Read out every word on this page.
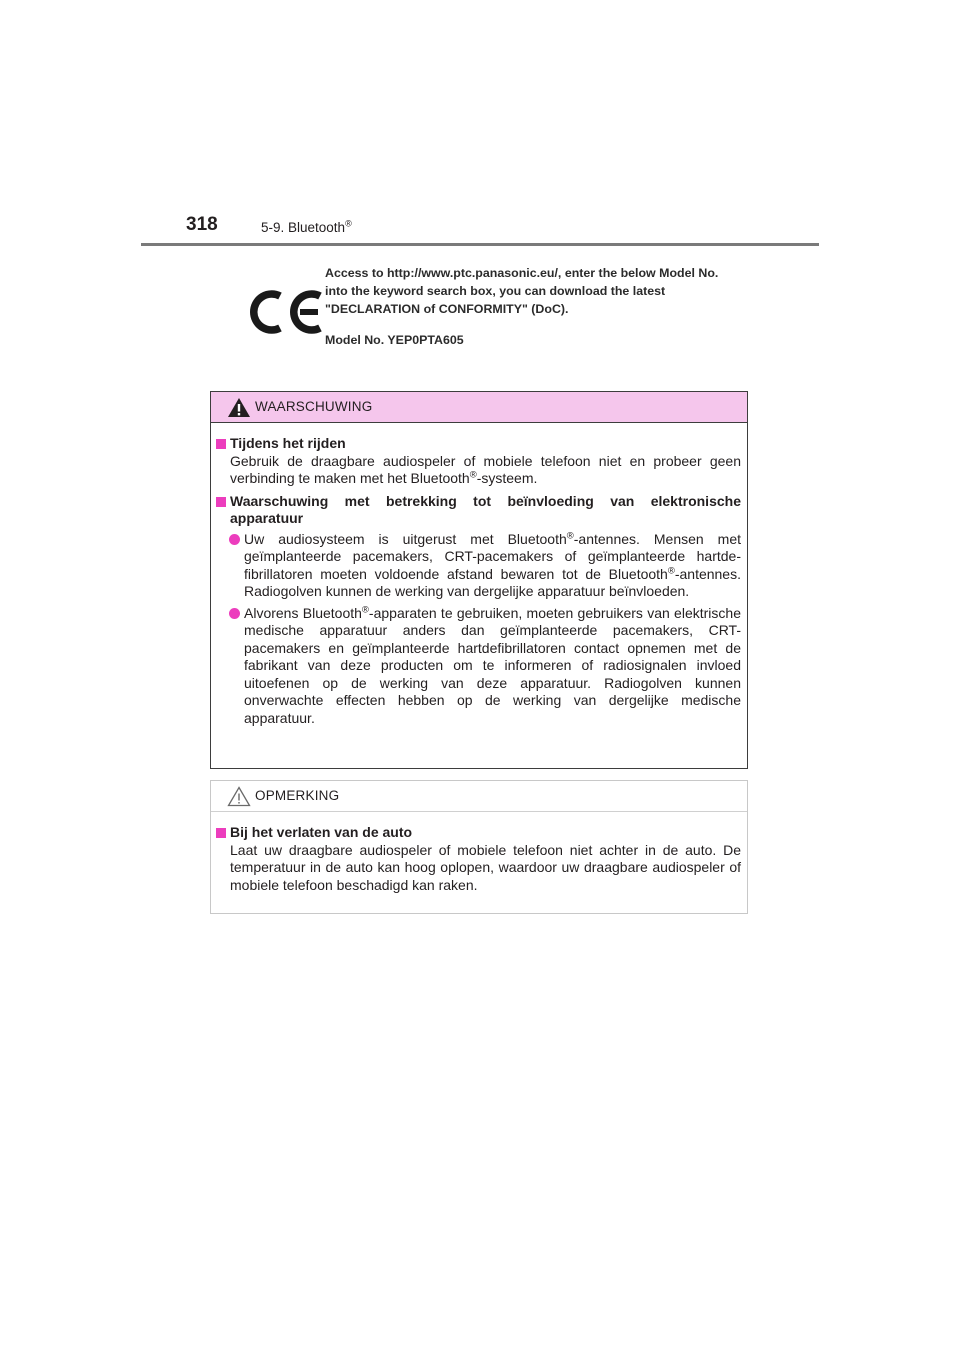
318	5-9. Bluetooth®
Access to http://www.ptc.panasonic.eu/, enter the below Model No. into the keyword search box, you can download the latest "DECLARATION of CONFORMITY" (DoC).
Model No. YEP0PTA605
WAARSCHUWING
Tijdens het rijden
Gebruik de draagbare audiospeler of mobiele telefoon niet en probeer geen verbinding te maken met het Bluetooth®-systeem.
Waarschuwing met betrekking tot beïnvloeding van elektronische apparatuur
Uw audiosysteem is uitgerust met Bluetooth®-antennes. Mensen met geïmplanteerde pacemakers, CRT-pacemakers of geïmplanteerde hartdefibrillatoren moeten voldoende afstand bewaren tot de Bluetooth®-antennes. Radiogolven kunnen de werking van dergelijke apparatuur beïnvloeden.
Alvorens Bluetooth®-apparaten te gebruiken, moeten gebruikers van elektrische medische apparatuur anders dan geïmplanteerde pacemakers, CRT-pacemakers en geïmplanteerde hartdefibrillatoren contact opnemen met de fabrikant van deze producten om te informeren of radiosignalen invloed uitoefenen op de werking van deze apparatuur. Radiogolven kunnen onverwachte effecten hebben op de werking van dergelijke medische apparatuur.
OPMERKING
Bij het verlaten van de auto
Laat uw draagbare audiospeler of mobiele telefoon niet achter in de auto. De temperatuur in de auto kan hoog oplopen, waardoor uw draagbare audiospeler of mobiele telefoon beschadigd kan raken.
